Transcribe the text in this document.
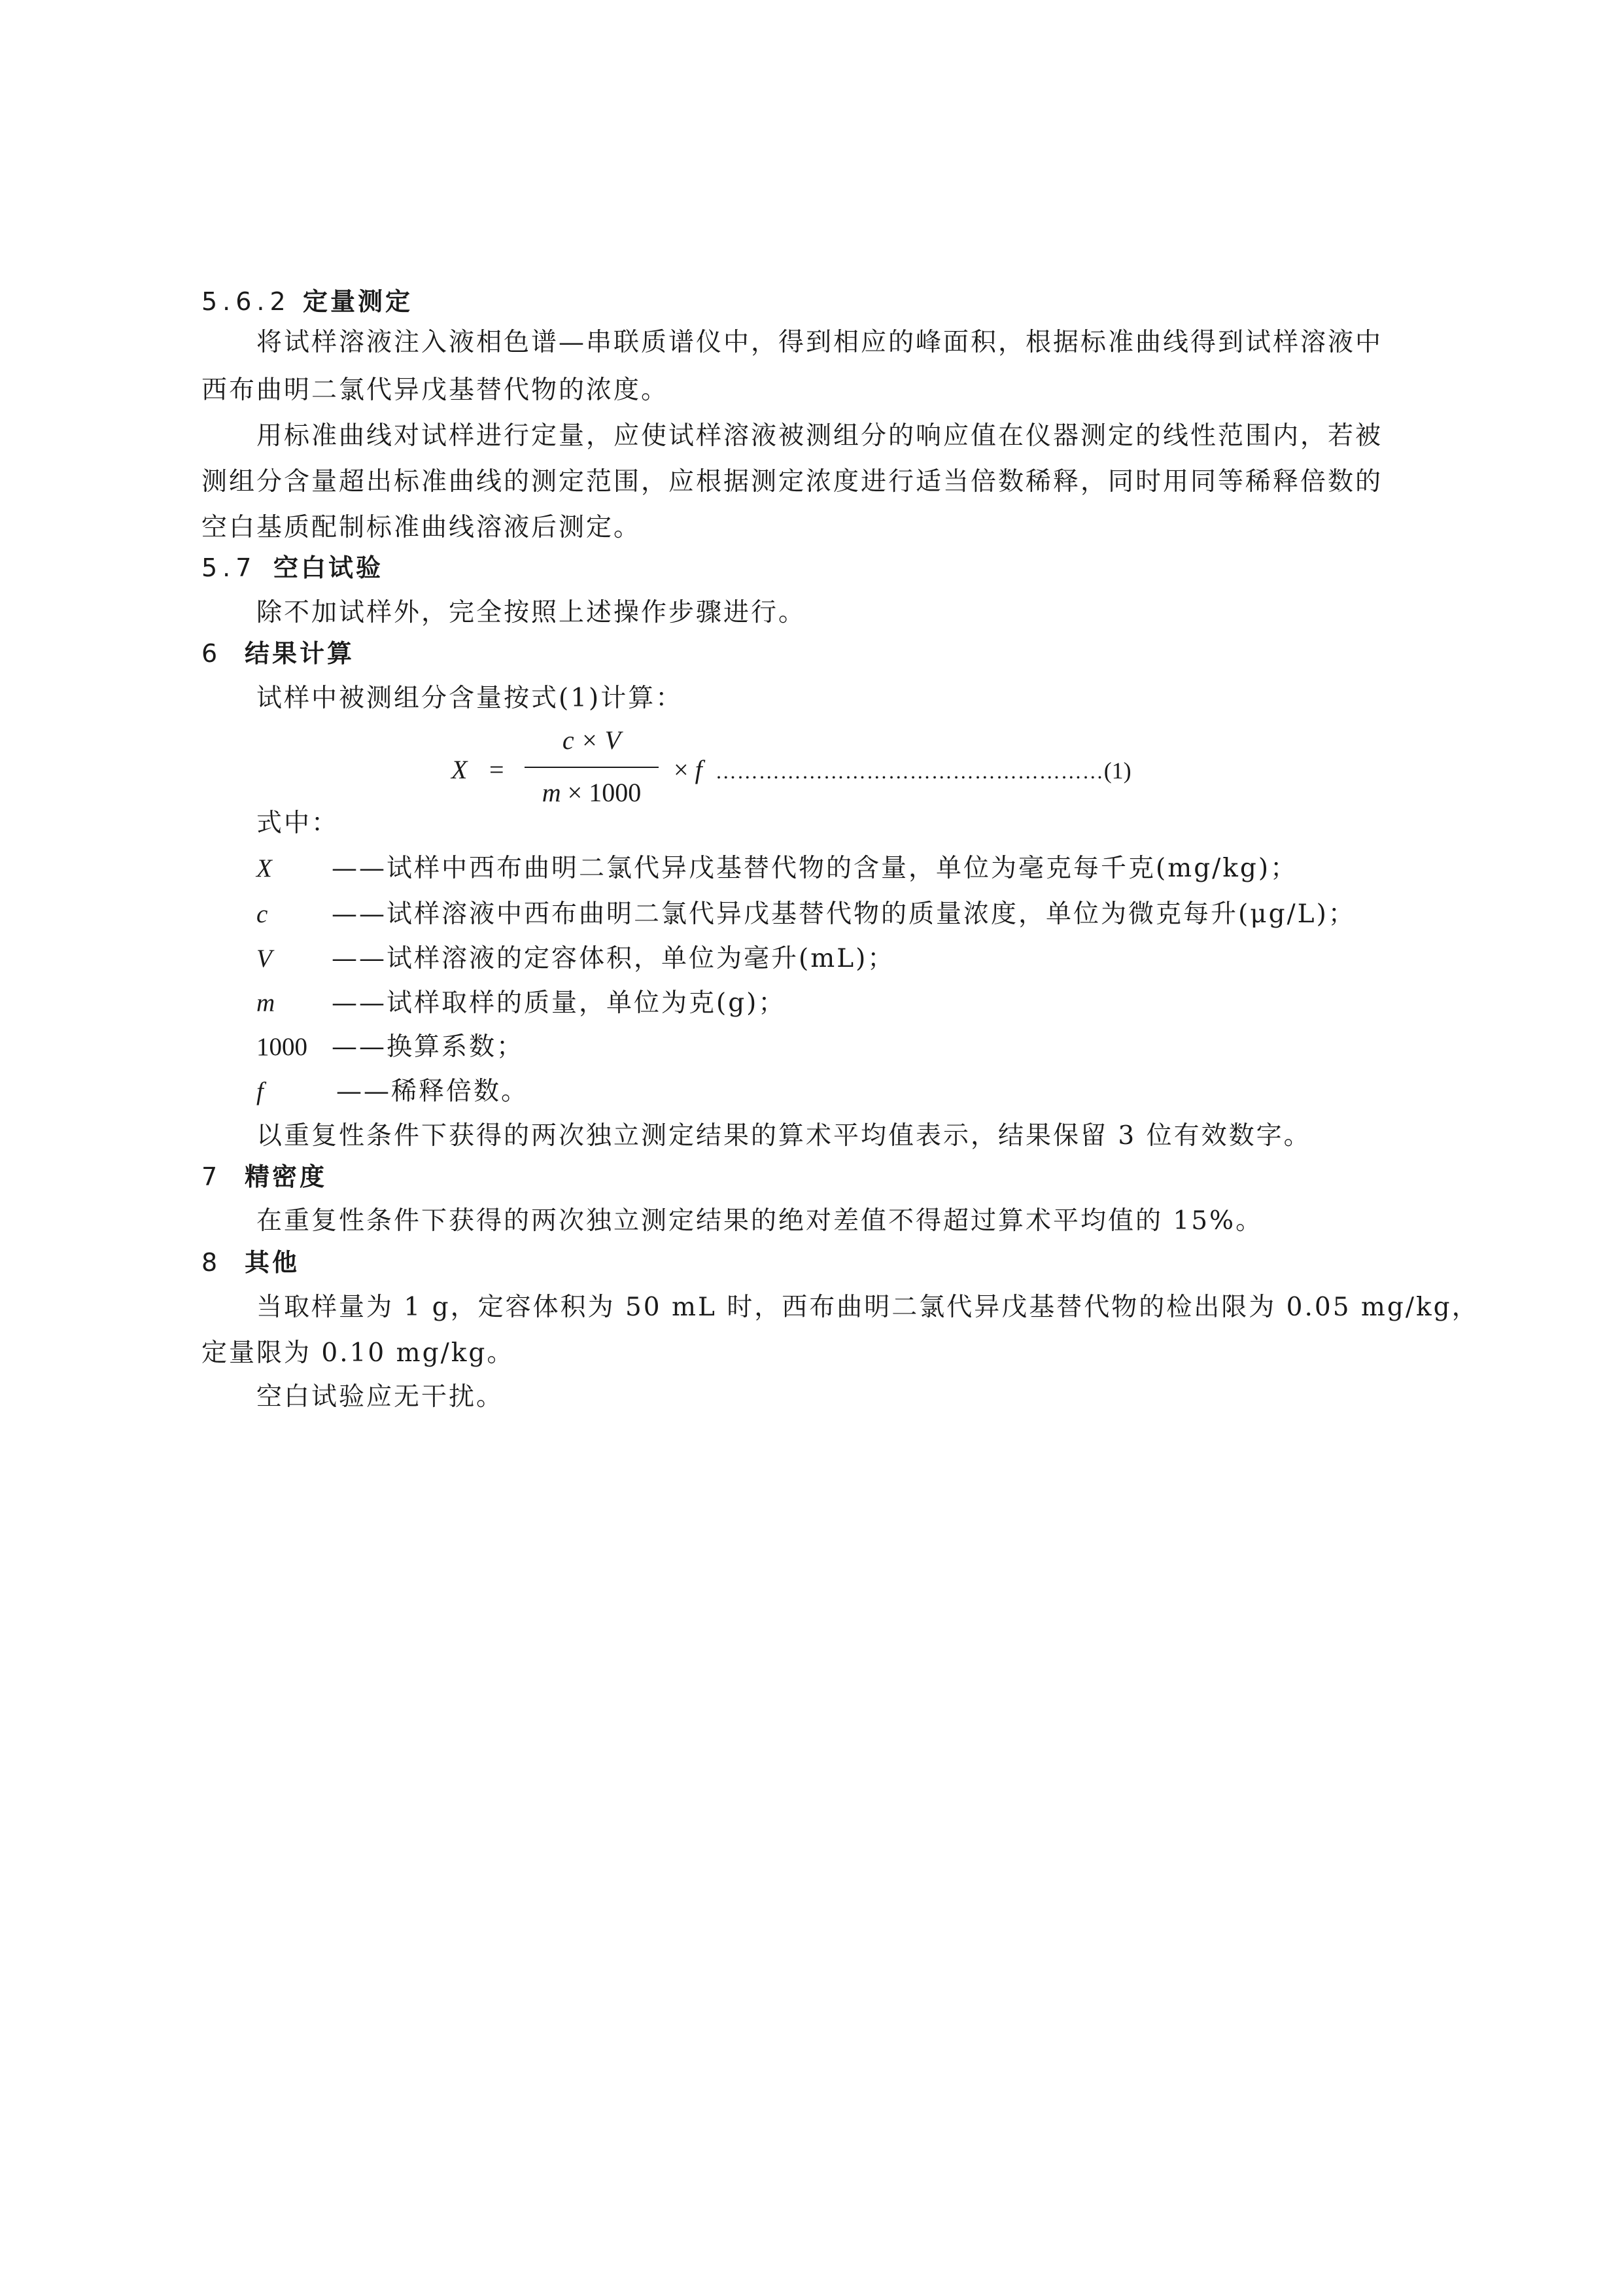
5.6.2 定量测定
将试样溶液注入液相色谱—串联质谱仪中，得到相应的峰面积，根据标准曲线得到试样溶液中
西布曲明二氯代异戊基替代物的浓度。
用标准曲线对试样进行定量，应使试样溶液被测组分的响应值在仪器测定的线性范围内，若被
测组分含量超出标准曲线的测定范围，应根据测定浓度进行适当倍数稀释，同时用同等稀释倍数的
空白基质配制标准曲线溶液后测定。
5.7 空白试验
除不加试样外，完全按照上述操作步骤进行。
6 结果计算
试样中被测组分含量按式(1)计算：
X =
c × V
m × 1000
× f ………………………………………………(1)
式中：
X ——试样中西布曲明二氯代异戊基替代物的含量，单位为毫克每千克(mg/kg)；
c	——试样溶液中西布曲明二氯代异戊基替代物的质量浓度，单位为微克每升(μg/L)；
V ——试样溶液的定容体积，单位为毫升(mL)；
m ——试样取样的质量，单位为克(g)；
1000 ——换算系数；
f	——稀释倍数。
以重复性条件下获得的两次独立测定结果的算术平均值表示，结果保留 3 位有效数字。
7 精密度
在重复性条件下获得的两次独立测定结果的绝对差值不得超过算术平均值的 15%。
8 其他
当取样量为 1 g，定容体积为 50 mL 时，西布曲明二氯代异戊基替代物的检出限为 0.05 mg/kg，
定量限为 0.10 mg/kg。
空白试验应无干扰。
